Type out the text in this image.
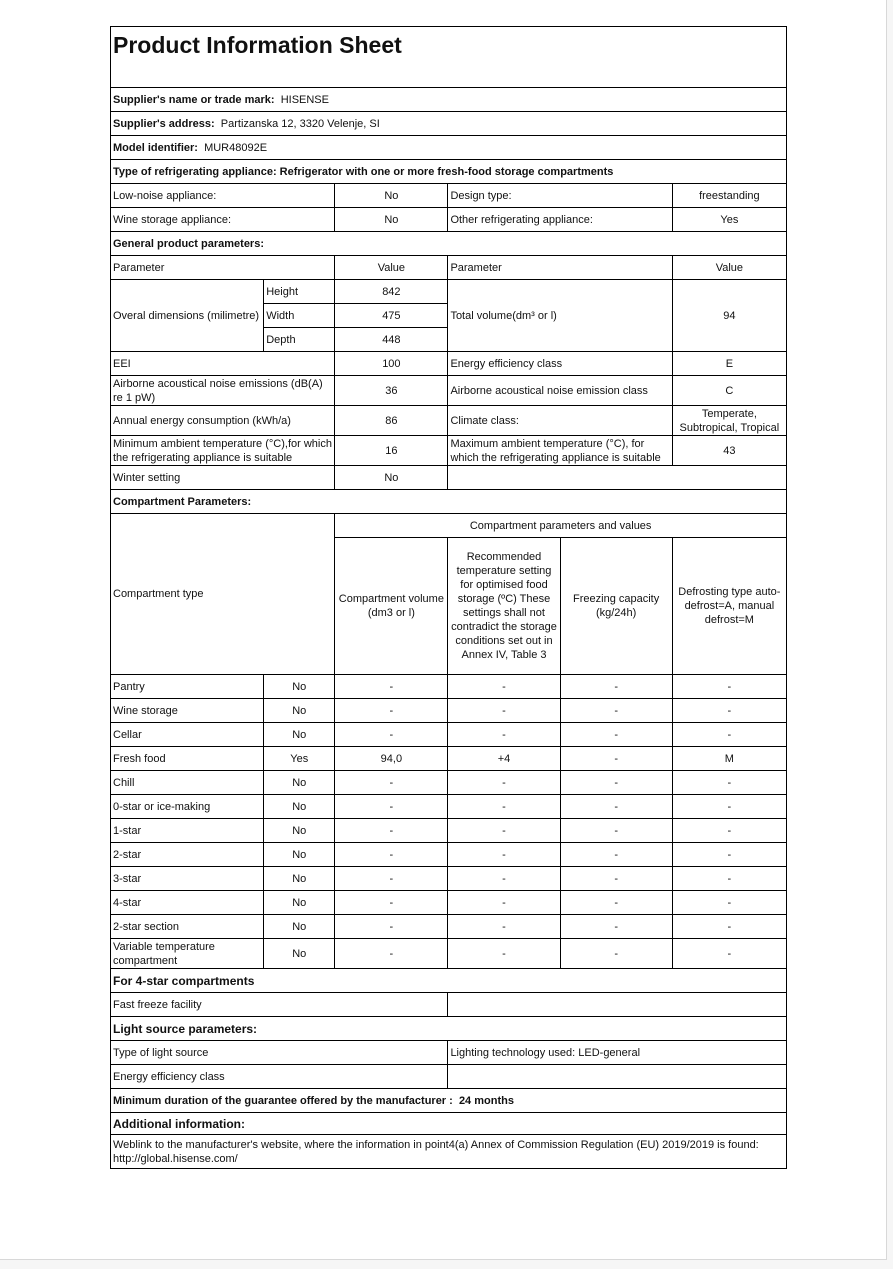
Product Information Sheet					
Supplier's name or trade mark: HISENSE					
Supplier's address: Partizanska 12, 3320 Velenje, SI					
Model identifier: MUR48092E					
Type of refrigerating appliance: Refrigerator with one or more fresh-food storage compartments					
Low-noise appliance:		No	Design type:		freestanding
Wine storage appliance:		No	Other refrigerating appliance:		Yes
General product parameters:					
Parameter		Value	Parameter		Value
Overal dimensions (milimetre)	Height	842	Total volume(dm³ or l)		94
	Width	475			
	Depth	448			
EEI		100	Energy efficiency class		E
Airborne acoustical noise emissions (dB(A) re 1 pW)		36	Airborne acoustical noise emission class		C
Annual energy consumption (kWh/a)		86	Climate class:		Temperate, Subtropical, Tropical
Minimum ambient temperature (°C),for which the refrigerating appliance is suitable		16	Maximum ambient temperature (°C), for which the refrigerating appliance is suitable		43
Winter setting		No			
Compartment Parameters:					
Compartment type		Compartment parameters and values			
		Compartment volume (dm3 or l)	Recommended temperature setting for optimised food storage (ºC) These settings shall not contradict the storage conditions set out in Annex IV, Table 3	Freezing capacity (kg/24h)	Defrosting type auto-defrost=A, manual defrost=M
Pantry	No	-	-	-	-
Wine storage	No	-	-	-	-
Cellar	No	-	-	-	-
Fresh food	Yes	94,0	+4	-	M
Chill	No	-	-	-	-
0-star or ice-making	No	-	-	-	-
1-star	No	-	-	-	-
2-star	No	-	-	-	-
3-star	No	-	-	-	-
4-star	No	-	-	-	-
2-star section	No	-	-	-	-
Variable temperature compartment	No	-	-	-	-
For 4-star compartments					
Fast freeze facility					
Light source parameters:					
Type of light source			Lighting technology used: LED-general		
Energy efficiency class					
Minimum duration of the guarantee offered by the manufacturer : 24 months					
Additional information:					
Weblink to the manufacturer's website, where the information in point4(a) Annex of Commission Regulation (EU) 2019/2019 is found: http://global.hisense.com/					
